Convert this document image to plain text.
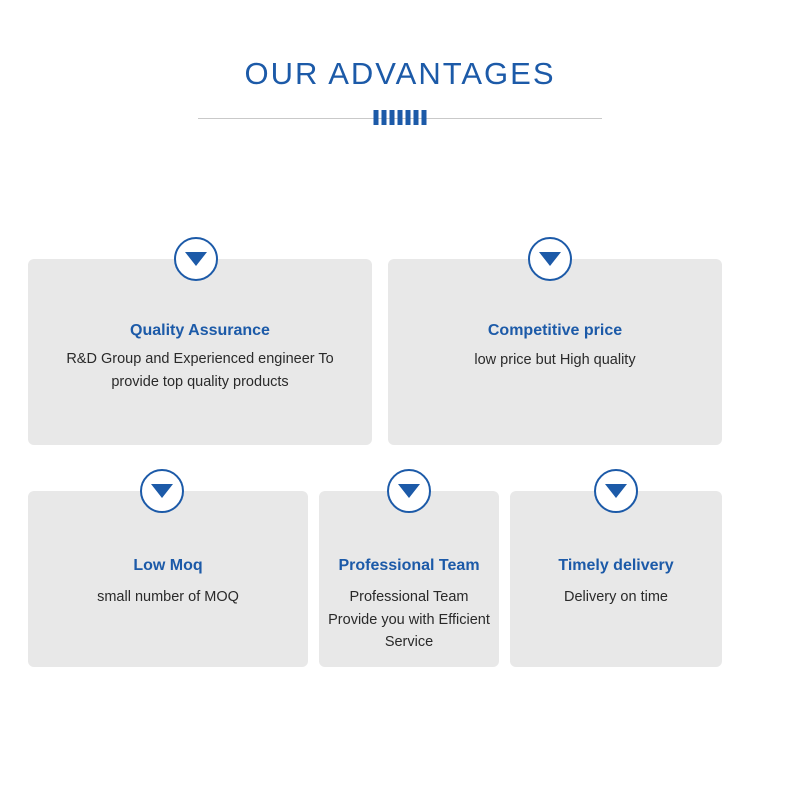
OUR ADVANTAGES

Quality Assurance

R&D Group and Experienced engineer To provide top quality products

Competitive price

low price but High quality

Low Moq

small number of MOQ

Professional Team

Professional Team Provide you with Efficient Service

Timely delivery

Delivery on time
